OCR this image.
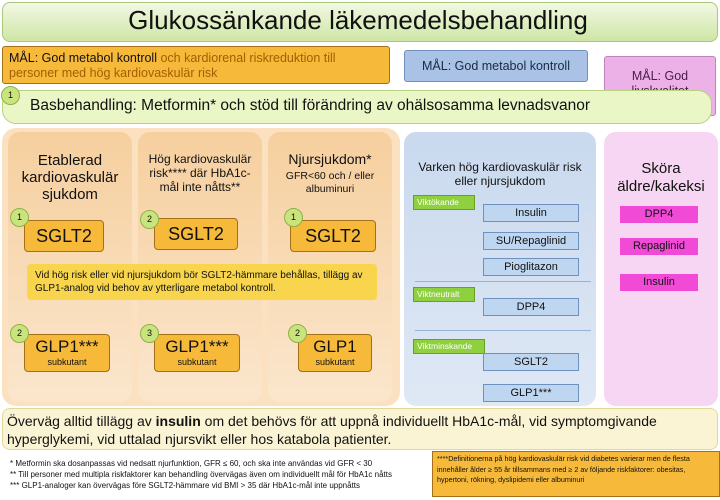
Glukossänkande läkemedelsbehandling
MÅL: God metabol kontroll och kardiorenal riskreduktion till personer med hög kardiovaskulär risk	MÅL: God metabol kontroll
MÅL: God
1
Basbehandling: Metformin* och stöd till förändring av ohälsosamma levnadsvanor
Etablerad
kardiovaskulär
sjukdom
SGLT2
1
GLP1***
subkutant
2
Hög kardiovaskulär
risk**** där HbA1c-
mål inte nåtts**
SGLT2
2
GLP1***
subkutant
3
Njursjukdom*
GFR<60 och / eller
albuminuri
SGLT2
1
GLP1
subkutant
2
Vid hög risk eller vid njursjukdom bör SGLT2-hämmare behållas, tillägg av GLP1-analog vid behov av ytterligare metabol kontroll.
Varken hög kardiovaskulär risk
eller njursjukdom
Viktökande
Insulin
SU/Repaglinid
Pioglitazon
Viktneutralt
DPP4
Viktminskande
SGLT2
GLP1***
Sköra
äldre/kakeksi
DPP4
Repaglinid
Insulin
Överväg alltid tillägg av insulin om det behövs för att uppnå individuellt HbA1c-mål, vid symptomgivande hyperglykemi, vid uttalad njursvikt eller hos katabola patienter.
* Metformin ska dosanpassas vid nedsatt njurfunktion, GFR ≤ 60, och ska inte användas vid GFR < 30
** Till personer med multipla riskfaktorer kan behandling övervägas även om individuellt mål för HbA1c nåtts
*** GLP1-analoger kan övervägas före SGLT2-hämmare vid BMI > 35 där HbA1c-mål inte uppnåtts
****Definitionerna på hög kardiovaskulär risk vid diabetes varierar men de flesta innehåller ålder ≥ 55 år tillsammans med ≥ 2 av följande riskfaktorer: obesitas, hypertoni, rökning, dyslipidemi eller albuminuri
